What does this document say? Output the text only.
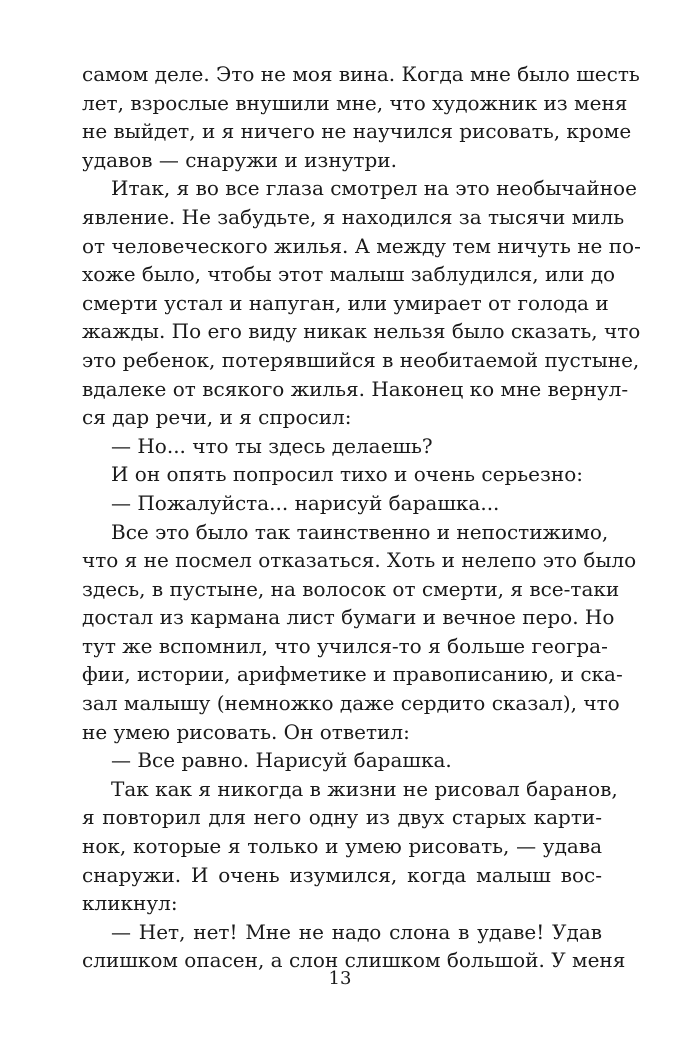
самом деле. Это не моя вина. Когда мне было шесть
лет, взрослые внушили мне, что художник из меня
не выйдет, и я ничего не научился рисовать, кроме
удавов — снаружи и изнутри.
Итак, я во все глаза смотрел на это необычайное
явление. Не забудьте, я находился за тысячи миль
от человеческого жилья. А между тем ничуть не по-
хоже было, чтобы этот малыш заблудился, или до
смерти устал и напуган, или умирает от голода и
жажды. По его виду никак нельзя было сказать, что
это ребенок, потерявшийся в необитаемой пустыне,
вдалеке от всякого жилья. Наконец ко мне вернул-
ся дар речи, и я спросил:
— Но... что ты здесь делаешь?
И он опять попросил тихо и очень серьезно:
— Пожалуйста... нарисуй барашка...
Все это было так таинственно и непостижимо,
что я не посмел отказаться. Хоть и нелепо это было
здесь, в пустыне, на волосок от смерти, я все-таки
достал из кармана лист бумаги и вечное перо. Но
тут же вспомнил, что учился-то я больше геогра-
фии, истории, арифметике и правописанию, и ска-
зал малышу (немножко даже сердито сказал), что
не умею рисовать. Он ответил:
— Все равно. Нарисуй барашка.
Так как я никогда в жизни не рисовал баранов,
я повторил для него одну из двух старых карти-
нок, которые я только и умею рисовать, — удава
снаружи. И очень изумился, когда малыш вос-
кликнул:
— Нет, нет! Мне не надо слона в удаве! Удав
слишком опасен, а слон слишком большой. У меня
13
